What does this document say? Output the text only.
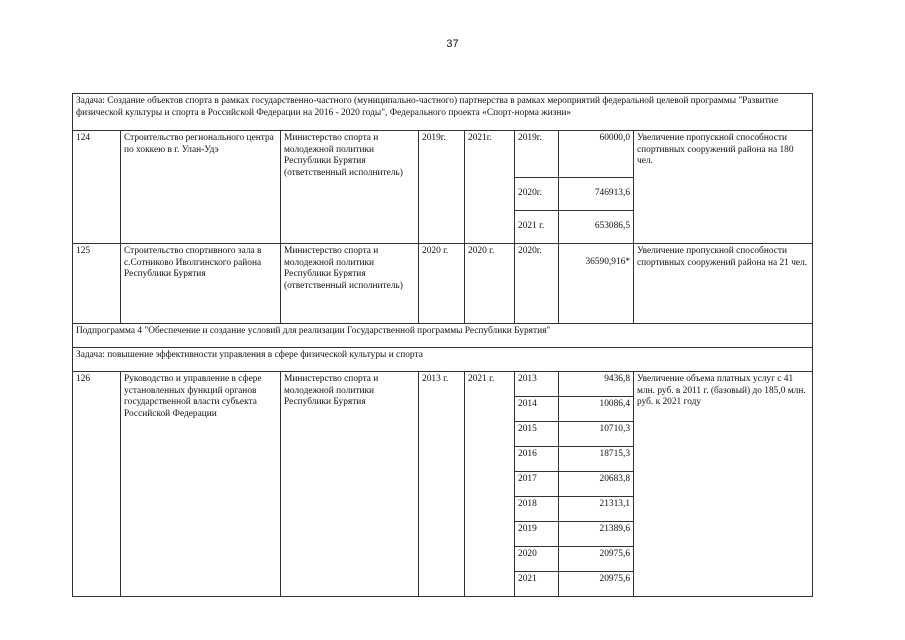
37
Задача: Создание объектов спорта в рамках государственно-частного (муниципально-частного) партнерства в рамках мероприятий федеральной целевой программы "Развитие физической культуры и спорта в Российской Федерации на 2016 - 2020 годы", Федерального проекта «Спорт-норма жизни»							
124	Строительство регионального центра по хоккею в г. Улан-Удэ	Министерство спорта и молодежной политики Республики Бурятия (ответственный исполнитель)	2019г.	2021г.	2019г.	60000,0	Увеличение пропускной способности спортивных сооружений района на 180 чел.
					2020г.	746913,6	
					2021 г.	653086,5	
125	Строительство спортивного зала в с.Сотниково Иволгинского района Республики Бурятия	Министерство спорта и молодежной политики Республики Бурятия (ответственный исполнитель)	2020 г.	2020 г.	2020г.	36590,916*	Увеличение пропускной способности спортивных сооружений района на 21 чел.
Подпрограмма 4 "Обеспечение и создание условий для реализации Государственной программы Республики Бурятия"							
Задача: повышение эффективности управления в сфере физической культуры и спорта							
126	Руководство и управление в сфере установленных функций органов государственной власти субъекта Российской Федерации	Министерство спорта и молодежной политики Республики Бурятия	2013 г.	2021 г.	2013	9436,8	Увеличение объема платных услуг с 41 млн. руб. в 2011 г. (базовый) до 185,0 млн. руб. к 2021 году
					2014	10086,4	
					2015	10710,3	
					2016	18715,3	
					2017	20683,8	
					2018	21313,1	
					2019	21389,6	
					2020	20975,6	
					2021	20975,6	
